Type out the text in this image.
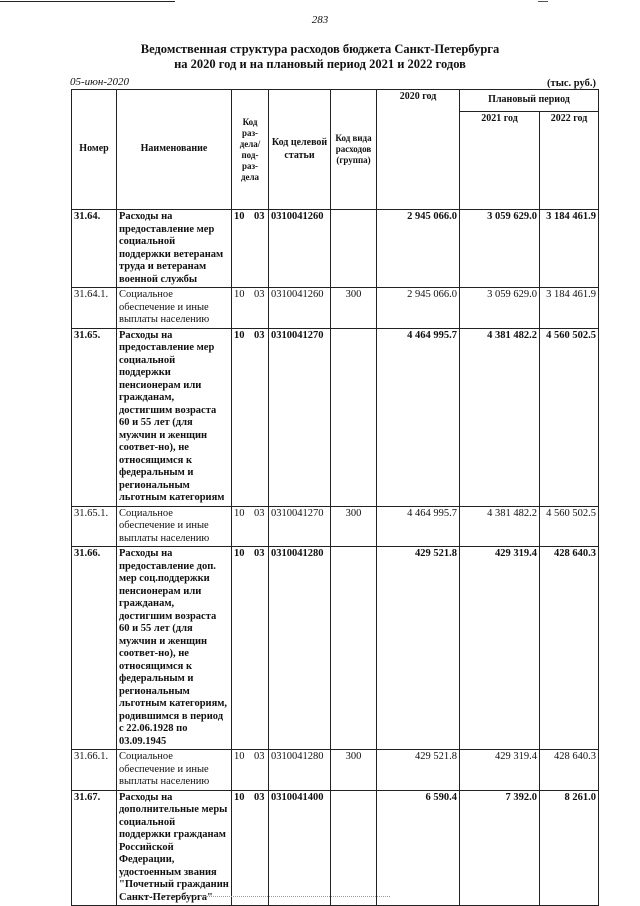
283
Ведомственная структура расходов бюджета Санкт-Петербурга
на 2020 год и на плановый период 2021 и 2022 годов
05-июн-2020	(тыс. руб.)
Номер	Наименование	Код раз-дела/ под-раз-дела	Код целевой статьи	Код вида расходов (группа)	2020 год	Плановый период	
						2021 год	2022 год
31.64.	Расходы на предоставление мер социальной поддержки ветеранам труда и ветеранам военной службы	10 03	0310041260		2 945 066.0	3 059 629.0	3 184 461.9
31.64.1.	Социальное обеспечение и иные выплаты населению	10 03	0310041260	300	2 945 066.0	3 059 629.0	3 184 461.9
31.65.	Расходы на предоставление мер социальной поддержки пенсионерам или гражданам, достигшим возраста 60 и 55 лет (для мужчин и женщин соответ-но), не относящимся к федеральным и региональным льготным категориям	10 03	0310041270		4 464 995.7	4 381 482.2	4 560 502.5
31.65.1.	Социальное обеспечение и иные выплаты населению	10 03	0310041270	300	4 464 995.7	4 381 482.2	4 560 502.5
31.66.	Расходы на предоставление доп. мер соц.поддержки пенсионерам или гражданам, достигшим возраста 60 и 55 лет (для мужчин и женщин соответ-но), не относящимся к федеральным и региональным льготным категориям, родившимся в период с 22.06.1928 по 03.09.1945	10 03	0310041280		429 521.8	429 319.4	428 640.3
31.66.1.	Социальное обеспечение и иные выплаты населению	10 03	0310041280	300	429 521.8	429 319.4	428 640.3
31.67.	Расходы на дополнительные меры социальной поддержки гражданам Российской Федерации, удостоенным звания "Почетный гражданин Санкт-Петербурга"	10 03	0310041400		6 590.4	7 392.0	8 261.0
